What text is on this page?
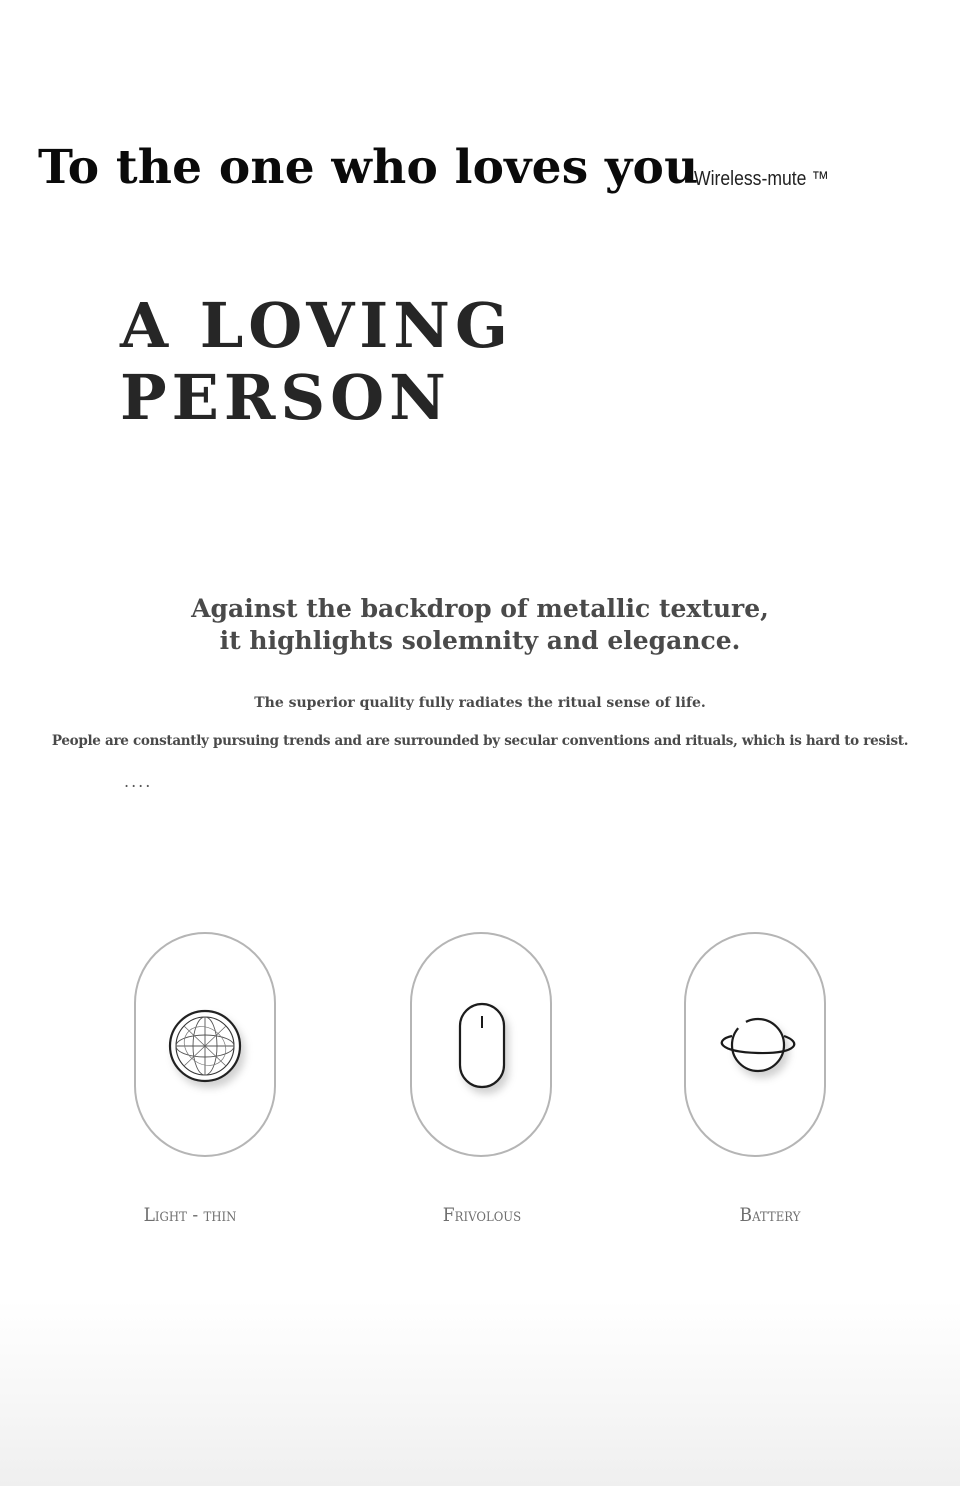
To the one who loves you
Wireless-mute ™
A LOVING
PERSON
Against the backdrop of metallic texture,
it highlights solemnity and elegance.
The superior quality fully radiates the ritual sense of life.
People are constantly pursuing trends and are surrounded by secular conventions and rituals, which is hard to resist.
....
Light - thin	Frivolous	Battery
